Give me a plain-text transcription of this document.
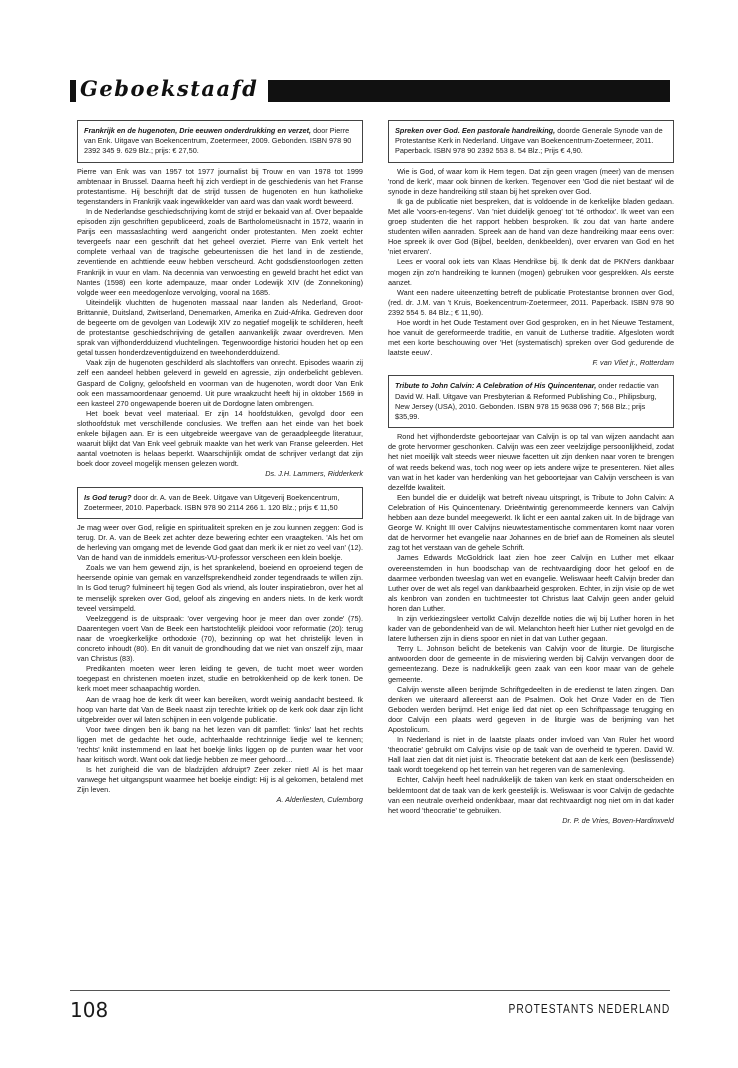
Geboekstaafd
Frankrijk en de hugenoten, Drie eeuwen onderdrukking en verzet, door Pierre van Enk. Uitgave van Boekencentrum, Zoetermeer, 2009. Gebonden. ISBN 978 90 2392 345 9. 629 Blz.; prijs: € 27,50.

Pierre van Enk was van 1957 tot 1977 journalist bij Trouw en van 1978 tot 1999 ambtenaar in Brussel. Daarna heeft hij zich verdiept in de geschiedenis van het Franse protestantisme. Hij beschrijft dat de strijd tussen de hugenoten en hun katholieke tegenstanders in Frankrijk vaak ingewikkelder van aard was dan vaak wordt beweerd.

In de Nederlandse geschiedschrijving komt de strijd er bekaaid van af. Over bepaalde episoden zijn geschriften gepubliceerd, zoals de Bartholomeüsnacht in 1572, waarin in Parijs een massaslachting werd aangericht onder protestanten. Men zoekt echter tevergeefs naar een geschrift dat het geheel overziet. Pierre van Enk vertelt het complete verhaal van de tragische gebeurtenissen die het land in de zestiende, zeventiende en achttiende eeuw hebben verscheurd. Acht godsdienstoorlogen zetten Frankrijk in vuur en vlam. Na decennia van verwoesting en geweld bracht het edict van Nantes (1598) een korte adempauze, maar onder Lodewijk XIV (de Zonnekoning) volgde weer een meedogenloze vervolging, vooral na 1685.

Uiteindelijk vluchtten de hugenoten massaal naar landen als Nederland, Groot-Brittannië, Duitsland, Zwitserland, Denemarken, Amerika en Zuid-Afrika. Gedreven door de begeerte om de gevolgen van Lodewijk XIV zo negatief mogelijk te schilderen, heeft de protestantse geschiedschrijving de getallen aanvankelijk zwaar overdreven. Men sprak van vijfhonderdduizend vluchtelingen. Tegenwoordige historici houden het op een getal tussen honderdzeventigduizend en tweehonderdduizend.

Vaak zijn de hugenoten geschilderd als slachtoffers van onrecht. Episodes waarin zij zelf een aandeel hebben geleverd in geweld en agressie, zijn onderbelicht gebleven. Gaspard de Coligny, geloofsheld en voorman van de hugenoten, wordt door Van Enk ook een massamoordenaar genoemd. Uit pure wraakzucht heeft hij in oktober 1569 in een kasteel 270 ongewapende boeren uit de Dordogne laten ombrengen.

Het boek bevat veel materiaal. Er zijn 14 hoofdstukken, gevolgd door een slothoofdstuk met verschillende conclusies. We treffen aan het einde van het boek enkele bijlagen aan. Er is een uitgebreide weergave van de geraadpleegde literatuur, waaruit blijkt dat Van Enk veel gebruik maakte van het werk van Franse geleerden. Het aantal voetnoten is helaas beperkt. Waarschijnlijk omdat de schrijver verlangt dat zijn boek door zoveel mogelijk mensen gelezen wordt.

Ds. J.H. Lammers, Ridderkerk
Is God terug? door dr. A. van de Beek. Uitgave van Uitgeverij Boekencentrum, Zoetermeer, 2010. Paperback. ISBN 978 90 2114 266 1. 120 Blz.; prijs € 11,50

Je mag weer over God, religie en spiritualiteit spreken en je zou kunnen zeggen: God is terug. Dr. A. van de Beek zet achter deze bewering echter een vraagteken. 'Als het om de herleving van omgang met de levende God gaat dan merk ik er niet zo veel van' (12). Van de hand van de inmiddels emeritus-VU-professor verscheen een klein boekje.

Zoals we van hem gewend zijn, is het sprankelend, boeiend en oproeiend tegen de heersende opinie van gemak en vanzelfsprekendheid zonder tegendraads te willen zijn. In Is God terug? fulmineert hij tegen God als vriend, als louter inspiratiebron, over het al te menselijk spreken over God, geloof als zingeving en anders niets. In de kerk wordt teveel versimpeld.

Veelzeggend is de uitspraak: 'over vergeving hoor je meer dan over zonde' (75). Daarentegen voert Van de Beek een hartstochtelijk pleidooi voor reformatie (20): terug naar de vroegkerkelijke orthodoxie (70), bezinning op wat het christelijk leven in concreto inhoudt (80). En dit vanuit de grondhouding dat we niet van onszelf zijn, maar van Christus (83).

Predikanten moeten weer leren leiding te geven, de tucht moet weer worden toegepast en christenen moeten inzet, studie en betrokkenheid op de kerk tonen. De kerk moet meer schaapachtig worden.

Aan de vraag hoe de kerk dit weer kan bereiken, wordt weinig aandacht besteed. Ik hoop van harte dat Van de Beek naast zijn terechte kritiek op de kerk ook daar zijn licht uitgebreider over wil laten schijnen in een volgende publicatie.

Voor twee dingen ben ik bang na het lezen van dit pamflet: 'links' laat het rechts liggen met de gedachte het oude, achterhaalde rechtzinnige liedje wel te kennen; 'rechts' knikt instemmend en laat het boekje links liggen op de punten waar het voor haar kritisch wordt. Want ook dat liedje hebben ze meer gehoord…

Is het zurigheid die van de bladzijden afdruipt? Zeer zeker niet! Al is het maar vanwege het uitgangspunt waarmee het boekje eindigt: Hij is al gekomen, betalend met Zijn leven.

A. Alderliesten, Culemborg
Spreken over God. Een pastorale handreiking, doorde Generale Synode van de Protestantse Kerk in Nederland. Uitgave van Boekencentrum-Zoetermeer, 2011. Paperback. ISBN 978 90 2392 553 8. 54 Blz.; Prijs € 4,90.

Wie is God, of waar kom ik Hem tegen. Dat zijn geen vragen (meer) van de mensen 'rond de kerk', maar ook binnen de kerken. Tegenover een 'God die niet bestaat' wil de synode in deze handreiking stil staan bij het spreken over God.

Ik ga de publicatie niet bespreken, dat is voldoende in de kerkelijke bladen gedaan. Met alle 'voors-en-tegens'. Van 'niet duidelijk genoeg' tot 'té orthodox'. Ik weet van een groep studenten die het rapport hebben besproken. Ik zou dat van harte andere studenten willen aanraden. Spreek aan de hand van deze handreiking maar eens over: Hoe spreek ik over God (Bijbel, beelden, denkbeelden), over ervaren van God en het 'niet ervaren'.

Lees er vooral ook iets van Klaas Hendrikse bij. Ik denk dat de PKN'ers dankbaar mogen zijn zo'n handreiking te kunnen (mogen) gebruiken voor gesprekken. Als eerste aanzet.

Want een nadere uiteenzetting betreft de publicatie Protestantse bronnen over God, (red. dr. J.M. van 't Kruis, Boekencentrum-Zoetermeer, 2011. Paperback. ISBN 978 90 2392 554 5. 84 Blz.; € 11,90).

Hoe wordt in het Oude Testament over God gesproken, en in het Nieuwe Testament, hoe vanuit de gereformeerde traditie, en vanuit de Lutherse traditie. Afgesloten wordt met een korte beschouwing over 'Het (systematisch) spreken over God gedurende de laatste eeuw'.

F. van Vliet jr., Rotterdam
Tribute to John Calvin: A Celebration of His Quincentenar, onder redactie van David W. Hall. Uitgave van Presbyterian & Reformed Publishing Co., Philipsburg, New Jersey (USA), 2010. Gebonden. ISBN 978 15 9638 096 7; 568 Blz.; prijs $35,99.

Rond het vijfhonderdste geboortejaar van Calvijn is op tal van wijzen aandacht aan de grote hervormer geschonken. Calvijn was een zeer veelzijdige persoonlijkheid, zodat het niet moeilijk valt steeds weer nieuwe facetten uit zijn denken naar voren te brengen of wat reeds bekend was, toch nog weer op iets andere wijze te presenteren. Niet alles van wat in het kader van herdenking van het geboortejaar van Calvijn verscheen is van dezelfde kwaliteit.

Een bundel die er duidelijk wat betreft niveau uitspringt, is Tribute to John Calvin: A Celebration of His Quincentenary. Drieëntwintig gerenommeerde kenners van Calvijn hebben aan deze bundel meegewerkt. Ik licht er een aantal zaken uit. In de bijdrage van George W. Knight III over Calvijns nieuwtestamentische commentaren komt naar voren dat de hervormer het evangelie naar Johannes en de brief aan de Romeinen als sleutel zag tot het verstaan van de gehele Schrift.

James Edwards McGoldrick laat zien hoe zeer Calvijn en Luther met elkaar overeenstemden in hun boodschap van de rechtvaardiging door het geloof en de daarmee verbonden tweeslag van wet en evangelie. Weliswaar heeft Calvijn breder dan Luther over de wet als regel van dankbaarheid gesproken. Echter, in zijn visie op de wet als kenbron van zonden en tuchtmeester tot Christus laat Calvijn geen ander geluid horen dan Luther.

In zijn verkiezingsleer vertolkt Calvijn dezelfde noties die wij bij Luther horen in het kader van de gebondenheid van de wil. Melanchton heeft hier Luther niet gevolgd en de latere luthersen zijn in diens spoor en niet in dat van Luther gegaan.

Terry L. Johnson belicht de betekenis van Calvijn voor de liturgie. De liturgische antwoorden door de gemeente in de misviering werden bij Calvijn vervangen door de gemeentezang. Deze is nadrukkelijk geen zaak van een koor maar van de gehele gemeente.

Calvijn wenste alleen berijmde Schriftgedeelten in de eredienst te laten zingen. Dan denken we uiteraard allereerst aan de Psalmen. Ook het Onze Vader en de Tien Geboden werden berijmd. Het enige lied dat niet op een Schriftpassage terugging en door Calvijn een plaats werd gegeven in de liturgie was de berijming van het Apostolicum.

In Nederland is niet in de laatste plaats onder invloed van Van Ruler het woord 'theocratie' gebruikt om Calvijns visie op de taak van de overheid te typeren. David W. Hall laat zien dat dit niet juist is. Theocratie betekent dat aan de kerk een (beslissende) taak wordt toegekend op het terrein van het regeren van de samenleving.

Echter, Calvijn heeft heel nadrukkelijk de taken van kerk en staat onderscheiden en beklemtoont dat de taak van de kerk geestelijk is. Weliswaar is voor Calvijn de gedachte van een neutrale overheid ondenkbaar, maar dat rechtvaardigt nog niet om in dat kader het woord 'theocratie' te gebruiken.

Dr. P. de Vries, Boven-Hardinxveld
108	PROTESTANTS NEDERLAND
